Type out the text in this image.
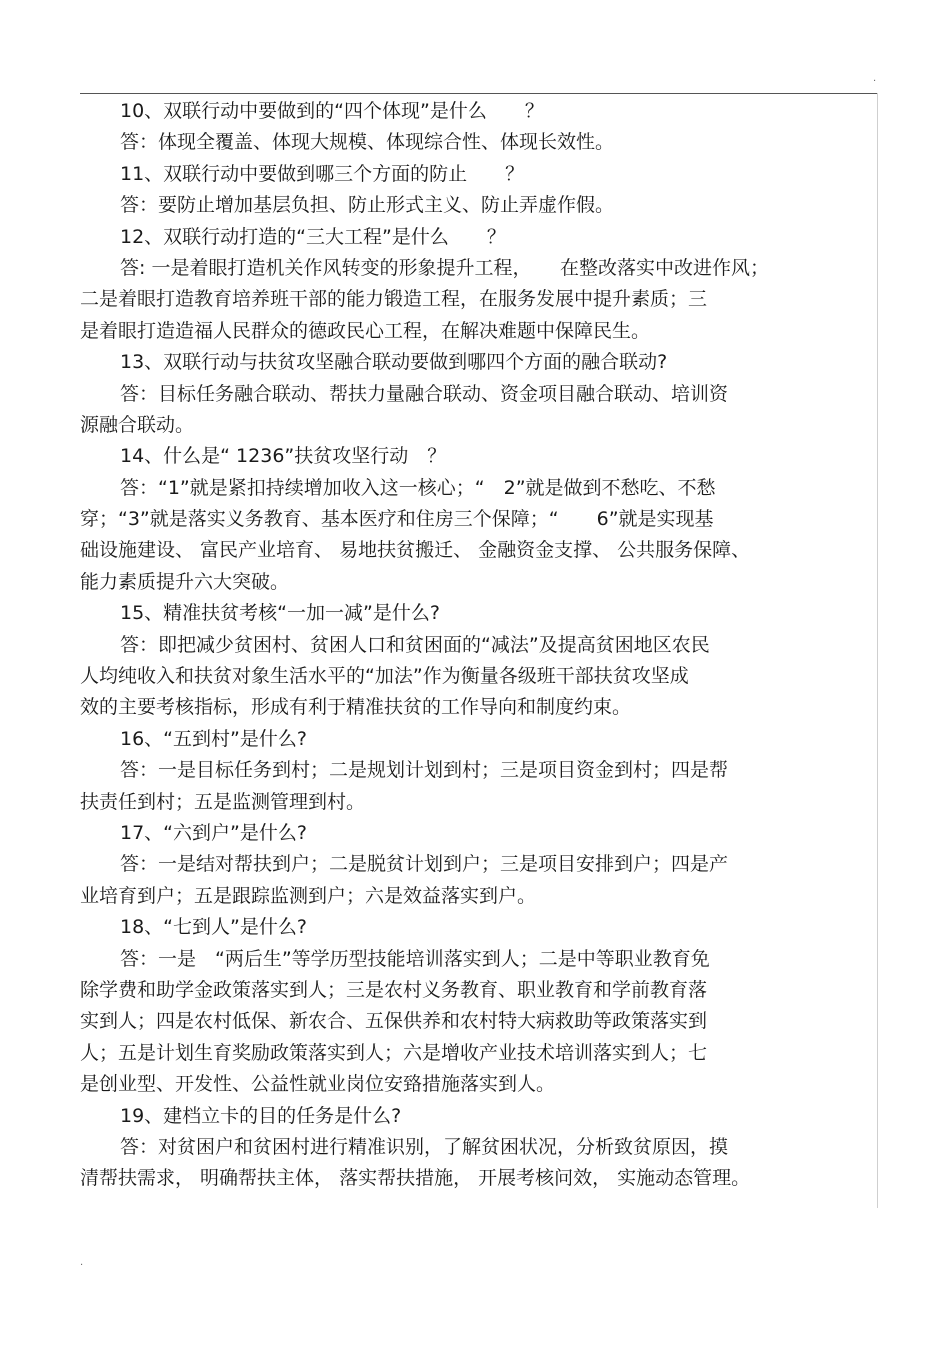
.
10、双联行动中要做到的“四个体现”是什么　　？
答：体现全覆盖、体现大规模、体现综合性、体现长效性。
11、双联行动中要做到哪三个方面的防止　　？
答：要防止增加基层负担、防止形式主义、防止弄虚作假。
12、双联行动打造的“三大工程”是什么　　？
答: 一是着眼打造机关作风转变的形象提升工程，　　在整改落实中改进作风；
二是着眼打造教育培养班干部的能力锻造工程，在服务发展中提升素质；三
是着眼打造造福人民群众的德政民心工程，在解决难题中保障民生。
13、双联行动与扶贫攻坚融合联动要做到哪四个方面的融合联动?
答：目标任务融合联动、帮扶力量融合联动、资金项目融合联动、培训资
源融合联动。
14、什么是“ 1236”扶贫攻坚行动　？
答：“1”就是紧扣持续增加收入这一核心；“　2”就是做到不愁吃、不愁
穿；“3”就是落实义务教育、基本医疗和住房三个保障；“　　6”就是实现基
础设施建设、 富民产业培育、 易地扶贫搬迁、 金融资金支撑、 公共服务保障、
能力素质提升六大突破。
15、精准扶贫考核“一加一减”是什么?
答：即把减少贫困村、贫困人口和贫困面的“减法”及提高贫困地区农民
人均纯收入和扶贫对象生活水平的“加法”作为衡量各级班干部扶贫攻坚成
效的主要考核指标，形成有利于精准扶贫的工作导向和制度约束。
16、“五到村”是什么?
答：一是目标任务到村；二是规划计划到村；三是项目资金到村；四是帮
扶责任到村；五是监测管理到村。
17、“六到户”是什么?
答：一是结对帮扶到户；二是脱贫计划到户；三是项目安排到户；四是产
业培育到户；五是跟踪监测到户；六是效益落实到户。
18、“七到人”是什么?
答：一是　“两后生”等学历型技能培训落实到人；二是中等职业教育免
除学费和助学金政策落实到人；三是农村义务教育、职业教育和学前教育落
实到人；四是农村低保、新农合、五保供养和农村特大病救助等政策落实到
人；五是计划生育奖励政策落实到人；六是增收产业技术培训落实到人；七
是创业型、开发性、公益性就业岗位安臵措施落实到人。
19、建档立卡的目的任务是什么?
答：对贫困户和贫困村进行精准识别，了解贫困状况，分析致贫原因，摸
清帮扶需求， 明确帮扶主体， 落实帮扶措施， 开展考核问效， 实施动态管理。
.
